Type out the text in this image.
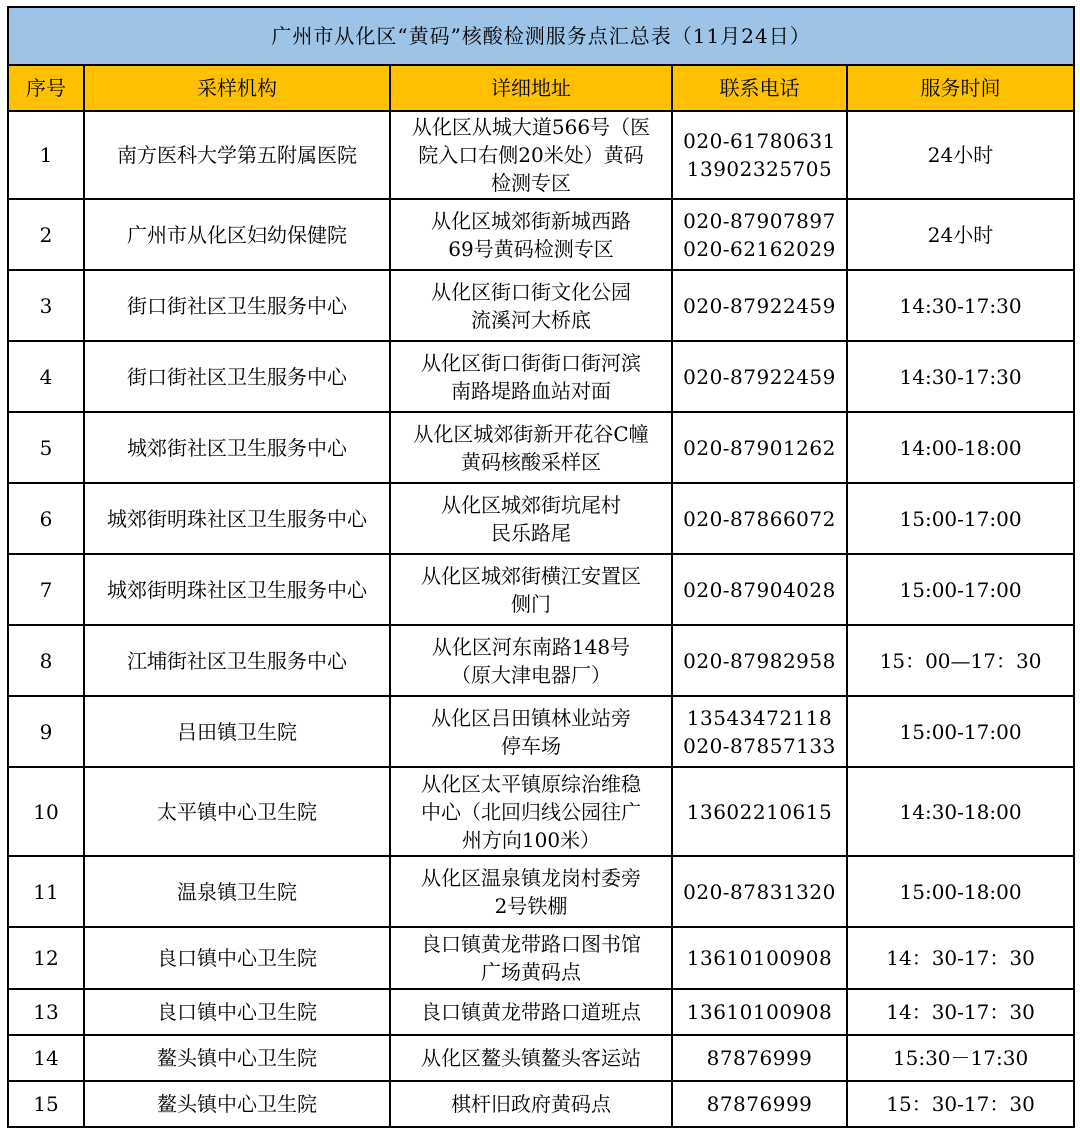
广州市从化区“黄码”核酸检测服务点汇总表（11月24日）				
序号	采样机构	详细地址	联系电话	服务时间
1	南方医科大学第五附属医院	从化区从城大道566号（医
院入口右侧20米处）黄码
检测专区	020-61780631
13902325705	24小时
2	广州市从化区妇幼保健院	从化区城郊街新城西路
69号黄码检测专区	020-87907897
020-62162029	24小时
3	街口街社区卫生服务中心	从化区街口街文化公园
流溪河大桥底	020-87922459	14:30-17:30
4	街口街社区卫生服务中心	从化区街口街街口街河滨
南路堤路血站对面	020-87922459	14:30-17:30
5	城郊街社区卫生服务中心	从化区城郊街新开花谷C幢
黄码核酸采样区	020-87901262	14:00-18:00
6	城郊街明珠社区卫生服务中心	从化区城郊街坑尾村
民乐路尾	020-87866072	15:00-17:00
7	城郊街明珠社区卫生服务中心	从化区城郊街横江安置区
侧门	020-87904028	15:00-17:00
8	江埔街社区卫生服务中心	从化区河东南路148号
（原大津电器厂）	020-87982958	15：00—17：30
9	吕田镇卫生院	从化区吕田镇林业站旁
停车场	13543472118
020-87857133	15:00-17:00
10	太平镇中心卫生院	从化区太平镇原综治维稳
中心（北回归线公园往广
州方向100米）	13602210615	14:30-18:00
11	温泉镇卫生院	从化区温泉镇龙岗村委旁
2号铁棚	020-87831320	15:00-18:00
12	良口镇中心卫生院	良口镇黄龙带路口图书馆
广场黄码点	13610100908	14：30-17：30
13	良口镇中心卫生院	良口镇黄龙带路口道班点	13610100908	14：30-17：30
14	鳌头镇中心卫生院	从化区鳌头镇鳌头客运站	87876999	15:30－17:30
15	鳌头镇中心卫生院	棋杆旧政府黄码点	87876999	15：30-17：30
